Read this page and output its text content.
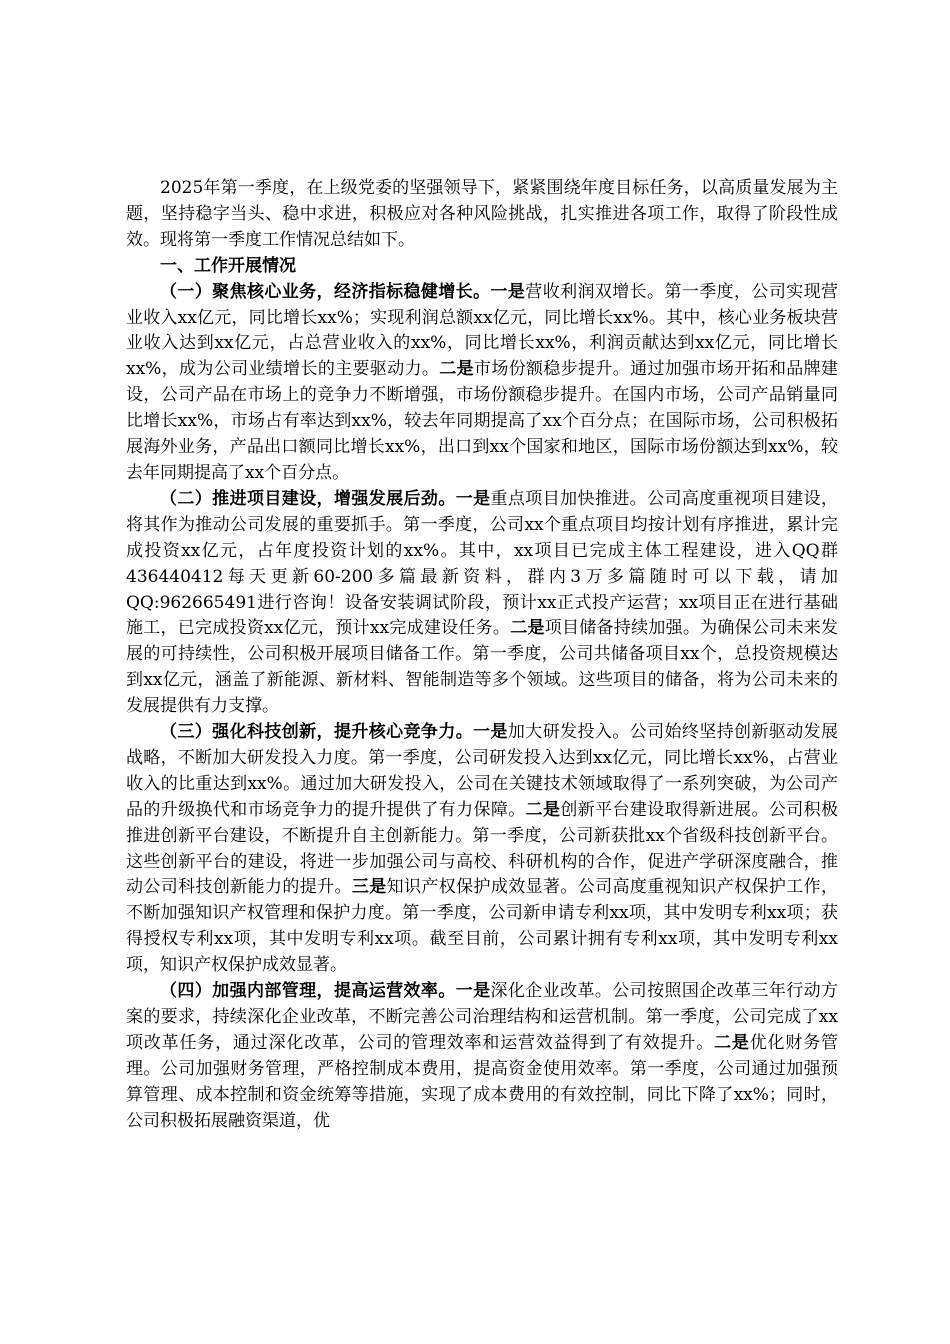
2025年第一季度，在上级党委的坚强领导下，紧紧围绕年度目标任务，以高质量发展为主题，坚持稳字当头、稳中求进，积极应对各种风险挑战，扎实推进各项工作，取得了阶段性成效。现将第一季度工作情况总结如下。

一、工作开展情况

（一）聚焦核心业务，经济指标稳健增长。一是营收利润双增长。第一季度，公司实现营业收入xx亿元，同比增长xx%；实现利润总额xx亿元，同比增长xx%。其中，核心业务板块营业收入达到xx亿元，占总营业收入的xx%，同比增长xx%，利润贡献达到xx亿元，同比增长xx%，成为公司业绩增长的主要驱动力。二是市场份额稳步提升。通过加强市场开拓和品牌建设，公司产品在市场上的竞争力不断增强，市场份额稳步提升。在国内市场，公司产品销量同比增长xx%，市场占有率达到xx%，较去年同期提高了xx个百分点；在国际市场，公司积极拓展海外业务，产品出口额同比增长xx%，出口到xx个国家和地区，国际市场份额达到xx%，较去年同期提高了xx个百分点。

（二）推进项目建设，增强发展后劲。一是重点项目加快推进。公司高度重视项目建设，将其作为推动公司发展的重要抓手。第一季度，公司xx个重点项目均按计划有序推进，累计完成投资xx亿元，占年度投资计划的xx%。其中，xx项目已完成主体工程建设，进入QQ群436440412每天更新60-200多篇最新资料，群内3万多篇随时可以下载，请加QQ:962665491进行咨询！设备安装调试阶段，预计xx正式投产运营；xx项目正在进行基础施工，已完成投资xx亿元，预计xx完成建设任务。二是项目储备持续加强。为确保公司未来发展的可持续性，公司积极开展项目储备工作。第一季度，公司共储备项目xx个，总投资规模达到xx亿元，涵盖了新能源、新材料、智能制造等多个领域。这些项目的储备，将为公司未来的发展提供有力支撑。

（三）强化科技创新，提升核心竞争力。一是加大研发投入。公司始终坚持创新驱动发展战略，不断加大研发投入力度。第一季度，公司研发投入达到xx亿元，同比增长xx%，占营业收入的比重达到xx%。通过加大研发投入，公司在关键技术领域取得了一系列突破，为公司产品的升级换代和市场竞争力的提升提供了有力保障。二是创新平台建设取得新进展。公司积极推进创新平台建设，不断提升自主创新能力。第一季度，公司新获批xx个省级科技创新平台。这些创新平台的建设，将进一步加强公司与高校、科研机构的合作，促进产学研深度融合，推动公司科技创新能力的提升。三是知识产权保护成效显著。公司高度重视知识产权保护工作，不断加强知识产权管理和保护力度。第一季度，公司新申请专利xx项，其中发明专利xx项；获得授权专利xx项，其中发明专利xx项。截至目前，公司累计拥有专利xx项，其中发明专利xx项，知识产权保护成效显著。

（四）加强内部管理，提高运营效率。一是深化企业改革。公司按照国企改革三年行动方案的要求，持续深化企业改革，不断完善公司治理结构和运营机制。第一季度，公司完成了xx项改革任务，通过深化改革，公司的管理效率和运营效益得到了有效提升。二是优化财务管理。公司加强财务管理，严格控制成本费用，提高资金使用效率。第一季度，公司通过加强预算管理、成本控制和资金统筹等措施，实现了成本费用的有效控制，同比下降了xx%；同时，公司积极拓展融资渠道，优
